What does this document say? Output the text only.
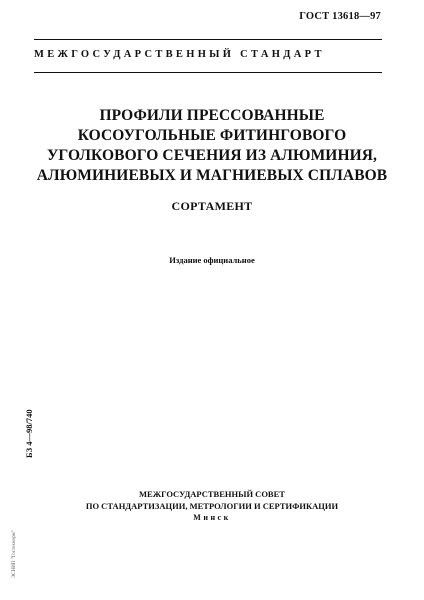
ГОСТ 13618—97
МЕЖГОСУДАРСТВЕННЫЙ СТАНДАРТ
ПРОФИЛИ ПРЕССОВАННЫЕ
КОСОУГОЛЬНЫЕ ФИТИНГОВОГО
УГОЛКОВОГО СЕЧЕНИЯ ИЗ АЛЮМИНИЯ,
АЛЮМИНИЕВЫХ И МАГНИЕВЫХ СПЛАВОВ
СОРТАМЕНТ
Издание официальное
БЗ 4—98/740
ЭСНИП "Гостехнорм"
МЕЖГОСУДАРСТВЕННЫЙ СОВЕТ
ПО СТАНДАРТИЗАЦИИ, МЕТРОЛОГИИ И СЕРТИФИКАЦИИ
Минск
